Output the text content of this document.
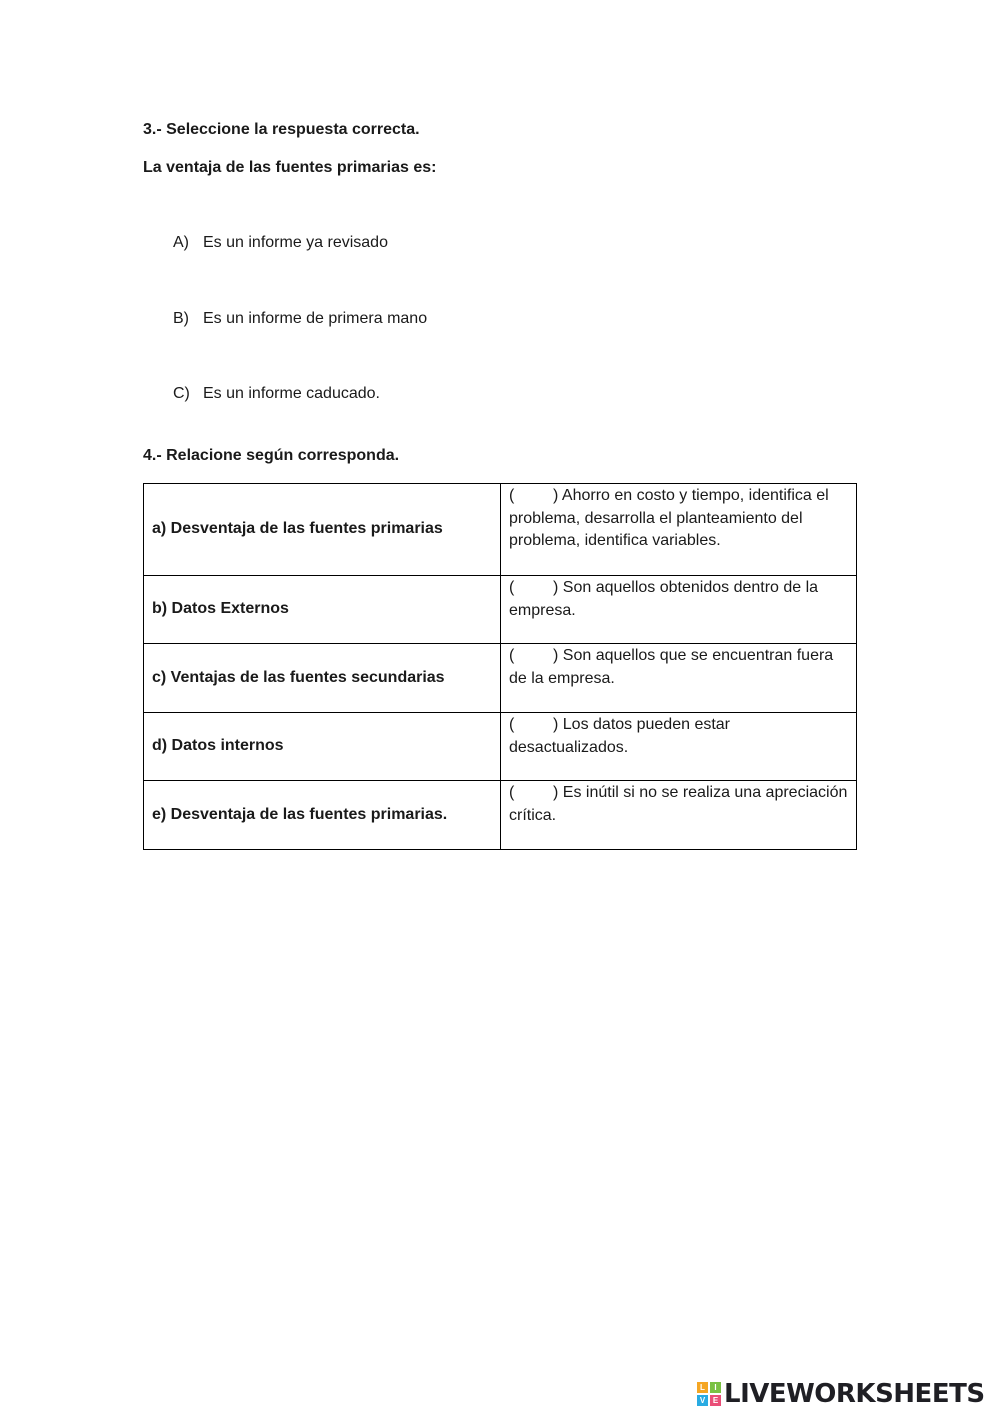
3.- Seleccione la respuesta correcta.

La ventaja de las fuentes primarias es:

A) Es un informe ya revisado
B) Es un informe de primera mano
C) Es un informe caducado.

4.- Relacione según corresponda.

a) Desventaja de las fuentes primarias	( ) Ahorro en costo y tiempo, identifica el problema, desarrolla el planteamiento del problema, identifica variables.
b) Datos Externos	( ) Son aquellos obtenidos dentro de la empresa.
c) Ventajas de las fuentes secundarias	( ) Son aquellos que se encuentran fuera de la empresa.
d) Datos internos	( ) Los datos pueden estar desactualizados.
e) Desventaja de las fuentes primarias.	( ) Es inútil si no se realiza una apreciación crítica.
L	I
V E LIVEWORKSHEETS
